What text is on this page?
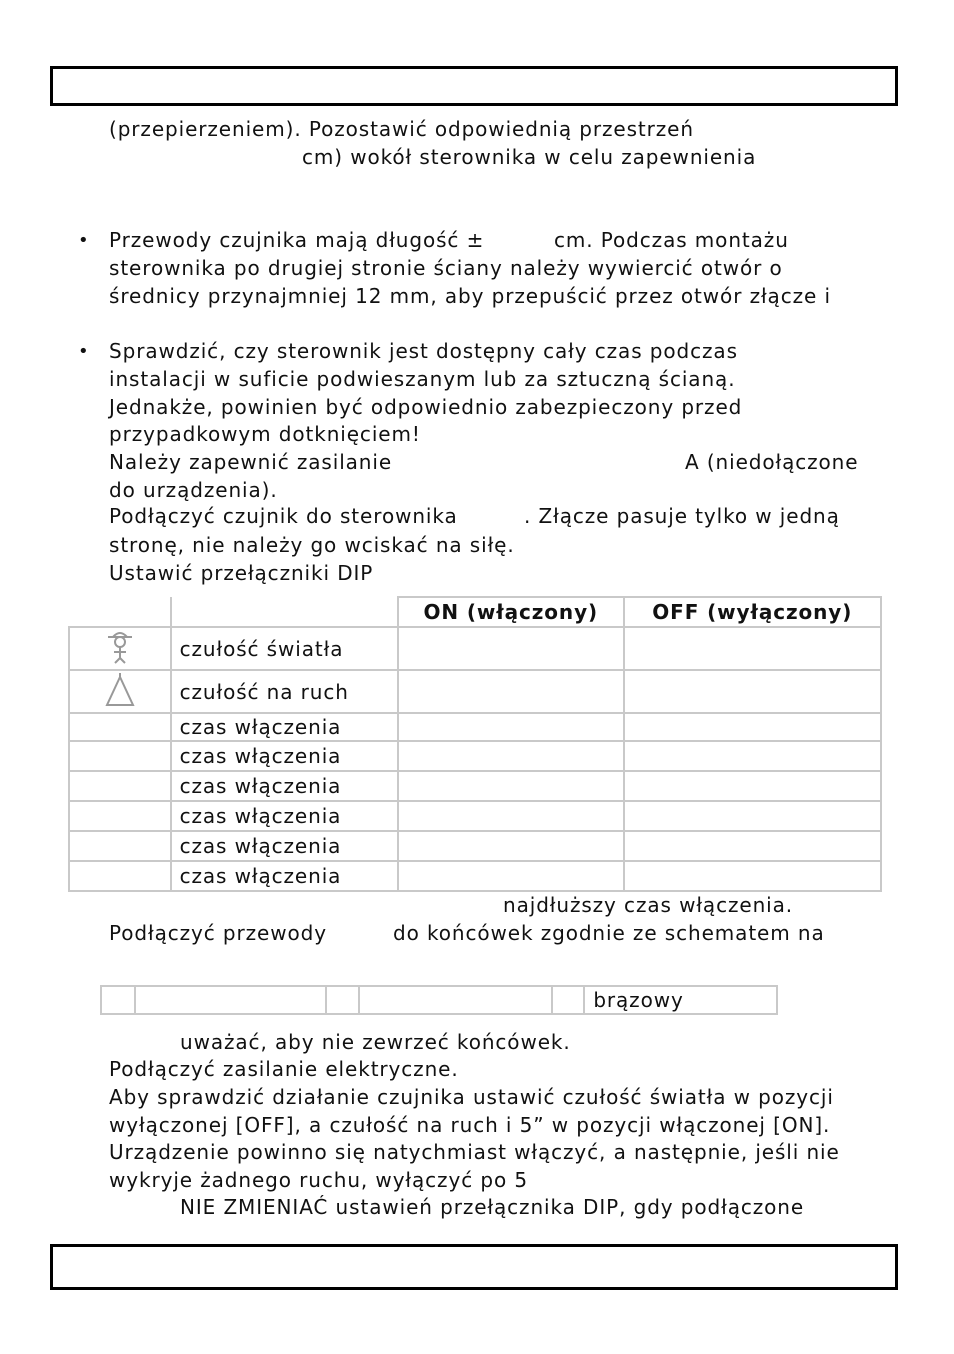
(przepierzeniem). Pozostawić odpowiednią przestrzeń
cm) wokół sterownika w celu zapewnienia
• Przewody czujnika mają długość ±	cm. Podczas montażu
sterownika po drugiej stronie ściany należy wywiercić otwór o
średnicy przynajmniej 12 mm, aby przepuścić przez otwór złącze i
• Sprawdzić, czy sterownik jest dostępny cały czas podczas
instalacji w suficie podwieszanym lub za sztuczną ścianą.
Jednakże, powinien być odpowiednio zabezpieczony przed
przypadkowym dotknięciem!
Należy zapewnić zasilanie	A (niedołączone
do urządzenia).
Podłączyć czujnik do sterownika	. Złącze pasuje tylko w jedną
stronę, nie należy go wciskać na siłę.
Ustawić przełączniki DIP
		ON (włączony)	OFF (wyłączony)
	czułość światła		
	czułość na ruch		
	czas włączenia		
	czas włączenia		
	czas włączenia		
	czas włączenia		
	czas włączenia		
	czas włączenia		
najdłuższy czas włączenia.
Podłączyć przewody	do końcówek zgodnie ze schematem na
					brązowy
uważać, aby nie zewrzeć końcówek.
Podłączyć zasilanie elektryczne.
Aby sprawdzić działanie czujnika ustawić czułość światła w pozycji
wyłączonej [OFF], a czułość na ruch i 5” w pozycji włączonej [ON].
Urządzenie powinno się natychmiast włączyć, a następnie, jeśli nie
wykryje żadnego ruchu, wyłączyć po 5
NIE ZMIENIAĆ ustawień przełącznika DIP, gdy podłączone
